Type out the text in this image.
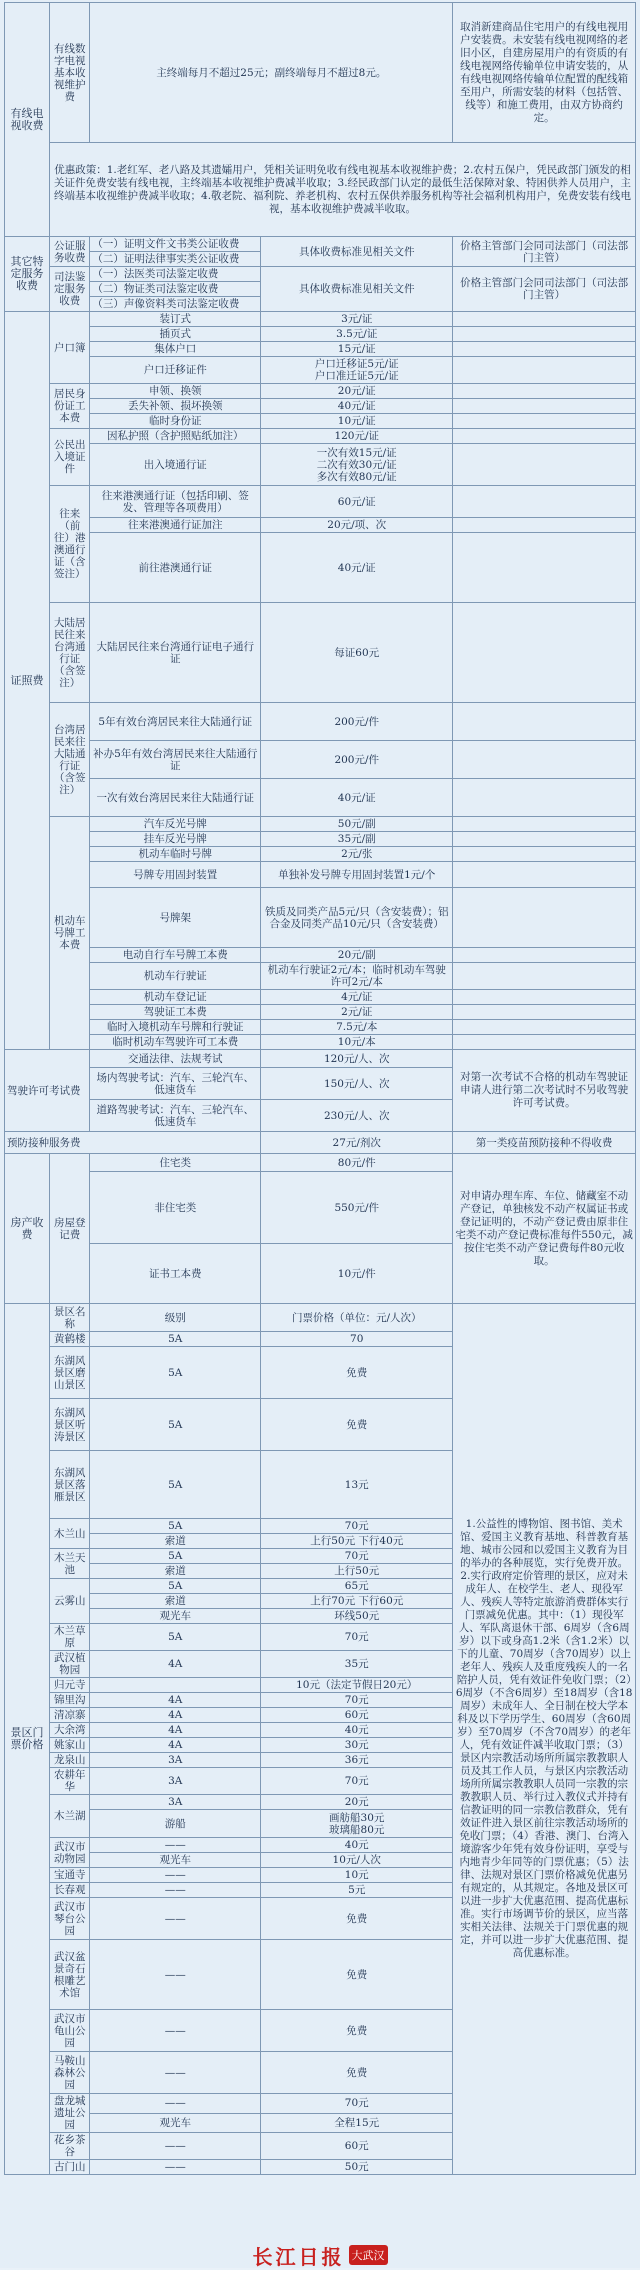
有线电视收费	有线数字电视基本收视维护费	主终端每月不超过25元；副终端每月不超过8元。		取消新建商品住宅用户的有线电视用户安装费。未安装有线电视网络的老旧小区，自建房屋用户的有资质的有线电视网络传输单位申请安装的，从有线电视网络传输单位配置的配线箱至用户，所需安装的材料（包括管、线等）和施工费用，由双方协商约定。
	优惠政策：1.老红军、老八路及其遗孀用户，凭相关证明免收有线电视基本收视维护费；2.农村五保户，凭民政部门颁发的相关证件免费安装有线电视，主终端基本收视维护费减半收取；3.经民政部门认定的最低生活保障对象、特困供养人员用户，主终端基本收视维护费减半收取；4.敬老院、福利院、养老机构、农村五保供养服务机构等社会福利机构用户，免费安装有线电视，基本收视维护费减半收取。			
其它特定服务收费	公证服务收费	（一）证明文件文书类公证收费	具体收费标准见相关文件	价格主管部门会同司法部门（司法部门主管）
		（二）证明法律事实类公证收费		
	司法鉴定服务收费	（一）法医类司法鉴定收费	具体收费标准见相关文件	价格主管部门会同司法部门（司法部门主管）
		（二）物证类司法鉴定收费		
		（三）声像资料类司法鉴定收费		
证照费	户口簿	装订式	3元/证	
		插页式	3.5元/证	
		集体户口	15元/证	
		户口迁移证件	户口迁移证5元/证
户口准迁证5元/证	
	居民身份证工本费	申领、换领	20元/证	
		丢失补领、损坏换领	40元/证	
		临时身份证	10元/证	
	公民出入境证件	因私护照（含护照贴纸加注）	120元/证	
		出入境通行证	一次有效15元/证
二次有效30元/证
多次有效80元/证	
	往来（前往）港澳通行证（含签注）	往来港澳通行证（包括印刷、签发、管理等各项费用）	60元/证	
		往来港澳通行证加注	20元/项、次	
		前往港澳通行证	40元/证	
	大陆居民往来台湾通行证（含签注）	大陆居民往来台湾通行证电子通行证	每证60元	
	台湾居民来往大陆通行证（含签注）	5年有效台湾居民来往大陆通行证	200元/件	
		补办5年有效台湾居民来往大陆通行证	200元/件	
		一次有效台湾居民来往大陆通行证	40元/证	
	机动车号牌工本费	汽车反光号牌	50元/副	
		挂车反光号牌	35元/副	
		机动车临时号牌	2元/张	
		号牌专用固封装置	单独补发号牌专用固封装置1元/个	
		号牌架	铁质及同类产品5元/只（含安装费）；铝合金及同类产品10元/只（含安装费）	
		电动自行车号牌工本费	20元/副	
		机动车行驶证	机动车行驶证2元/本；临时机动车驾驶许可2元/本	
		机动车登记证	4元/证	
		驾驶证工本费	2元/证	
		临时入境机动车号牌和行驶证	7.5元/本	
		临时机动车驾驶许可工本费	10元/本	
驾驶许可考试费		交通法律、法规考试	120元/人、次	对第一次考试不合格的机动车驾驶证申请人进行第二次考试时不另收驾驶许可考试费。
		场内驾驶考试：汽车、三轮汽车、低速货车	150元/人、次	
		道路驾驶考试：汽车、三轮汽车、低速货车	230元/人、次	
预防接种服务费			27元/剂次	第一类疫苗预防接种不得收费
房产收费	房屋登记费	住宅类	80元/件	对申请办理车库、车位、储藏室不动产登记，单独核发不动产权属证书或登记证明的，不动产登记费由原非住宅类不动产登记费标准每件550元，减按住宅类不动产登记费每件80元收取。
		非住宅类	550元/件	
		证书工本费	10元/件	
景区门票价格	景区名称	级别	门票价格（单位：元/人次）	1.公益性的博物馆、图书馆、美术馆、爱国主义教育基地、科普教育基地、城市公园和以爱国主义教育为目的举办的各种展览，实行免费开放。2.实行政府定价管理的景区，应对未成年人、在校学生、老人、现役军人、残疾人等特定旅游消费群体实行门票减免优惠。其中：（1）现役军人、军队离退休干部、6周岁（含6周岁）以下或身高1.2米（含1.2米）以下的儿童、70周岁（含70周岁）以上老年人、残疾人及重度残疾人的一名陪护人员，凭有效证件免收门票；（2）6周岁（不含6周岁）至18周岁（含18周岁）未成年人、全日制在校大学本科及以下学历学生、60周岁（含60周岁）至70周岁（不含70周岁）的老年人，凭有效证件减半收取门票；（3）景区内宗教活动场所所属宗教教职人员及其工作人员，与景区内宗教活动场所所属宗教教职人员同一宗教的宗教教职人员、举行过入教仪式并持有信教证明的同一宗教信教群众，凭有效证件进入景区前往宗教活动场所的免收门票；（4）香港、澳门、台湾入境游客少年凭有效身份证明，享受与内地青少年同等的门票优惠；（5）法律、法规对景区门票价格减免优惠另有规定的，从其规定。各地及景区可以进一步扩大优惠范围、提高优惠标准。实行市场调节价的景区，应当落实相关法律、法规关于门票优惠的规定，并可以进一步扩大优惠范围、提高优惠标准。
	黄鹤楼	5A	70	
	东湖风景区磨山景区	5A	免费	
	东湖风景区听涛景区	5A	免费	
	东湖风景区落雁景区	5A	13元	
	木兰山	5A	70元	
		索道	上行50元 下行40元	
	木兰天池	5A	70元	
		索道	上行50元	
	云雾山	5A	65元	
		索道	上行70元 下行60元	
		观光车	环线50元	
	木兰草原	5A	70元	
	武汉植物园	4A	35元	
	归元寺		10元（法定节假日20元）	
	锦里沟	4A	70元	
	清凉寨	4A	60元	
	大余湾	4A	40元	
	姚家山	4A	30元	
	龙泉山	3A	36元	
	农耕年华	3A	70元	
	木兰湖	3A	20元	
		游船	画舫船30元
玻璃船80元	
	武汉市动物园	——	40元	
		观光车	10元/人次	
	宝通寺	——	10元	
	长春观	——	5元	
	武汉市琴台公园	——	免费	
	武汉盆景奇石根雕艺术馆	——	免费	
	武汉市龟山公园	——	免费	
	马鞍山森林公园	——	免费	
	盘龙城遗址公园	——	70元	
		观光车	全程15元	
	花乡茶谷	——	60元	
	古门山	——	50元	
长江日报 大武汉
